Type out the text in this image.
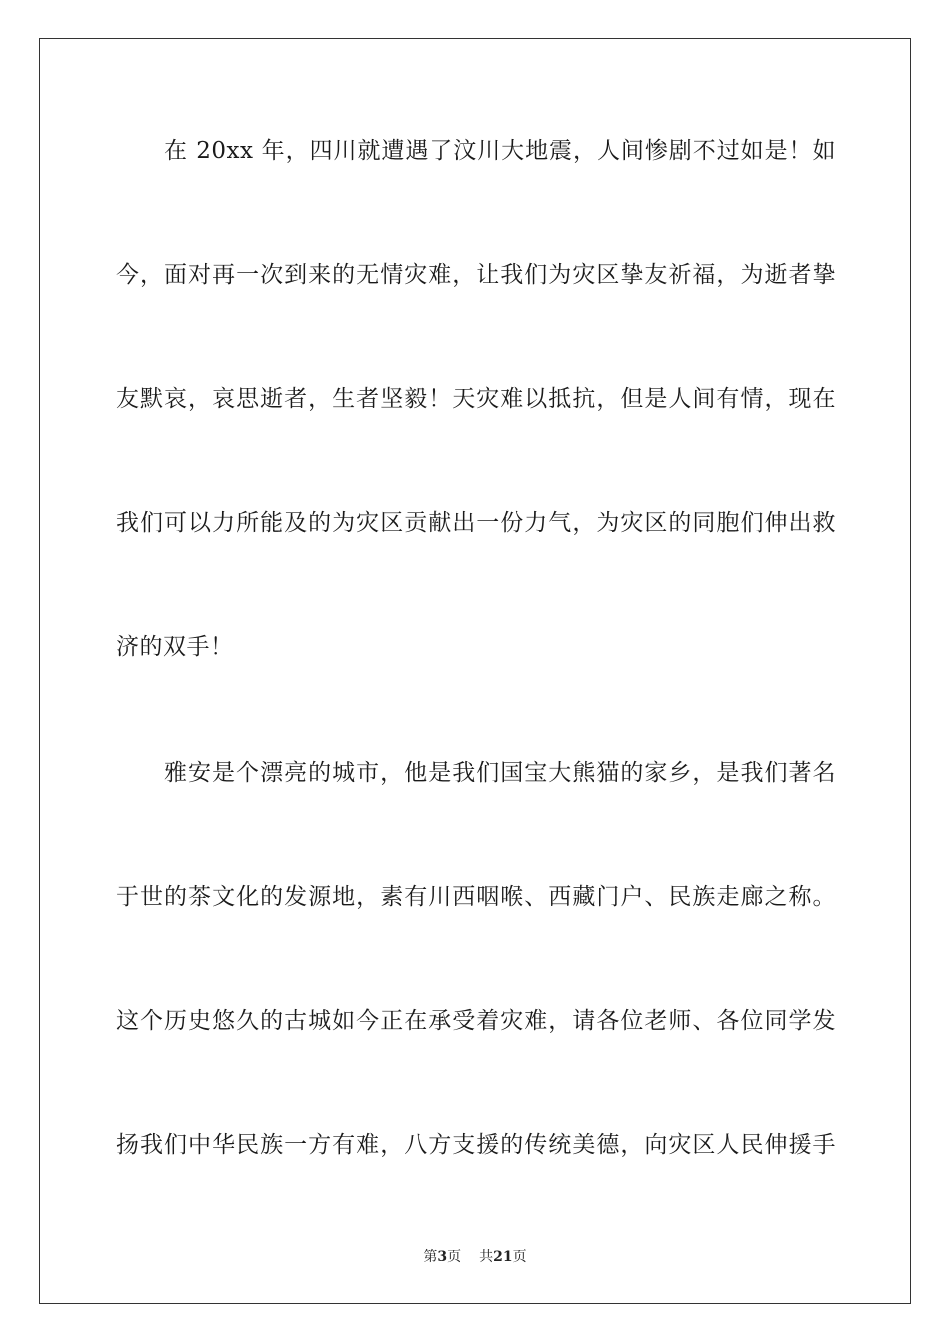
在 20xx 年，四川就遭遇了汶川大地震，人间惨剧不过如是！如
今，面对再一次到来的无情灾难，让我们为灾区挚友祈福，为逝者挚
友默哀，哀思逝者，生者坚毅！天灾难以抵抗，但是人间有情，现在
我们可以力所能及的为灾区贡献出一份力气，为灾区的同胞们伸出救
济的双手！
雅安是个漂亮的城市，他是我们国宝大熊猫的家乡，是我们著名
于世的茶文化的发源地，素有川西咽喉、西藏门户、民族走廊之称。
这个历史悠久的古城如今正在承受着灾难，请各位老师、各位同学发
扬我们中华民族一方有难，八方支援的传统美德，向灾区人民伸援手
第3页 共21页
